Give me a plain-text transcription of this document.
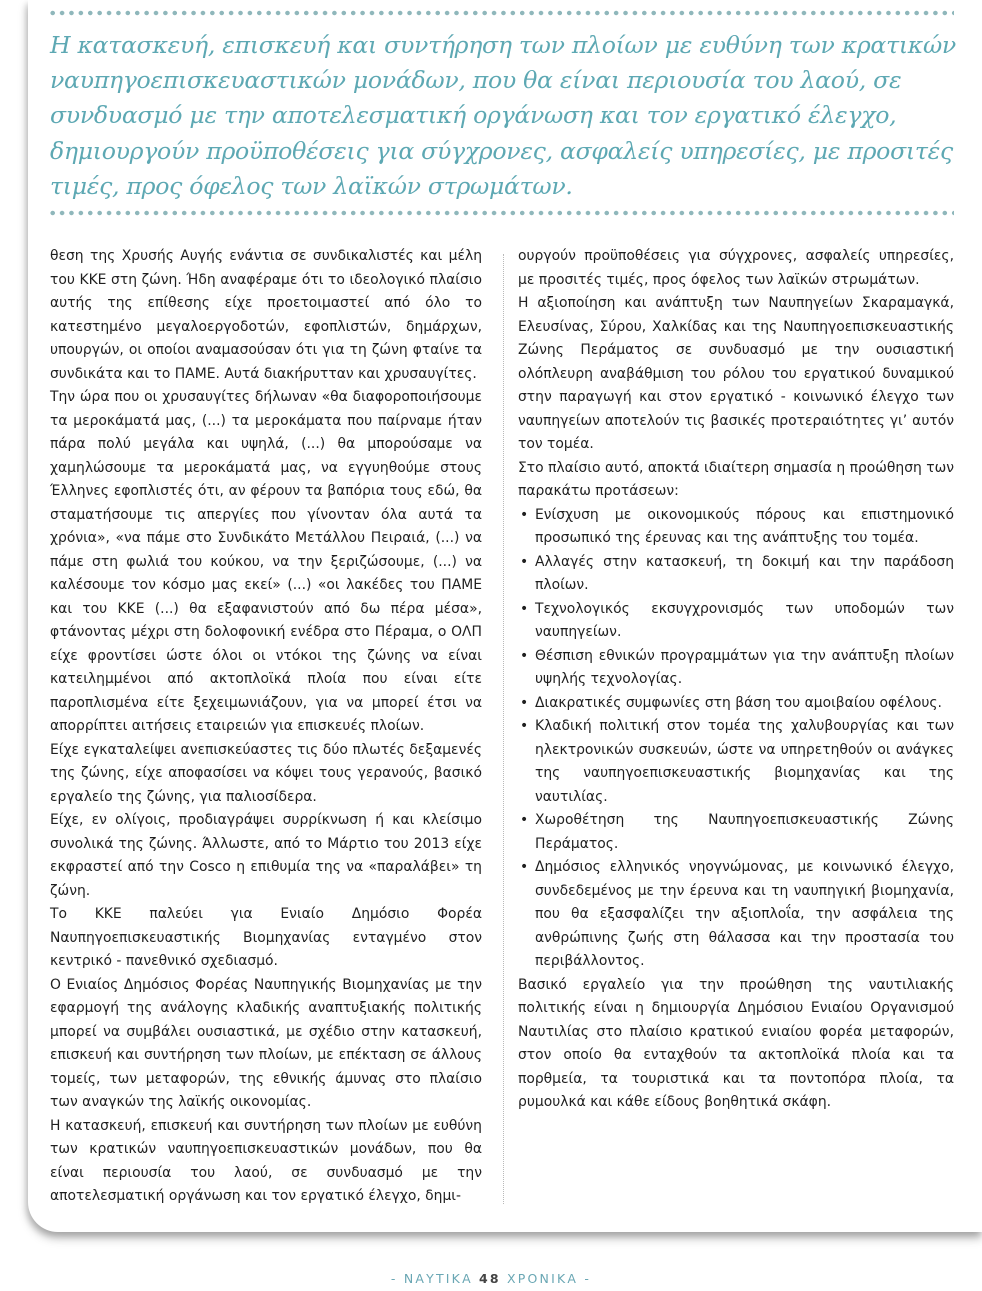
Η κατασκευή, επισκευή και συντήρηση των πλοίων με ευθύνη των κρατικών ναυπηγοεπισκευαστικών μονάδων, που θα είναι περιουσία του λαού, σε συνδυασμό με την αποτελεσματική οργάνωση και τον εργατικό έλεγχο, δημιουργούν προϋποθέσεις για σύγχρονες, ασφαλείς υπηρεσίες, με προσιτές τιμές, προς όφελος των λαϊκών στρωμάτων.

θεση της Χρυσής Αυγής ενάντια σε συνδικαλιστές και μέλη του ΚΚΕ στη ζώνη. Ήδη αναφέραμε ότι το ιδεολογικό πλαίσιο αυτής της επίθεσης είχε προετοιμαστεί από όλο το κατεστημένο μεγαλοεργοδοτών, εφοπλιστών, δημάρχων, υπουργών, οι οποίοι αναμασούσαν ότι για τη ζώνη φταίνε τα συνδικάτα και το ΠΑΜΕ. Αυτά διακήρυτταν και χρυσαυγίτες.

Την ώρα που οι χρυσαυγίτες δήλωναν «θα διαφοροποιήσουμε τα μεροκάματά μας, (...) τα μεροκάματα που παίρναμε ήταν πάρα πολύ μεγάλα και υψηλά, (...) θα μπορούσαμε να χαμηλώσουμε τα μεροκάματά μας, να εγγυηθούμε στους Έλληνες εφοπλιστές ότι, αν φέρουν τα βαπόρια τους εδώ, θα σταματήσουμε τις απεργίες που γίνονταν όλα αυτά τα χρόνια», «να πάμε στο Συνδικάτο Μετάλλου Πειραιά, (...) να πάμε στη φωλιά του κούκου, να την ξεριζώσουμε, (...) να καλέσουμε τον κόσμο μας εκεί» (...) «οι λακέδες του ΠΑΜΕ και του ΚΚΕ (...) θα εξαφανιστούν από δω πέρα μέσα», φτάνοντας μέχρι στη δολοφονική ενέδρα στο Πέραμα, ο ΟΛΠ είχε φροντίσει ώστε όλοι οι ντόκοι της ζώνης να είναι κατειλημμένοι από ακτοπλοϊκά πλοία που είναι είτε παροπλισμένα είτε ξεχειμωνιάζουν, για να μπορεί έτσι να απορρίπτει αιτήσεις εταιρειών για επισκευές πλοίων.

Είχε εγκαταλείψει ανεπισκεύαστες τις δύο πλωτές δεξαμενές της ζώνης, είχε αποφασίσει να κόψει τους γερανούς, βασικό εργαλείο της ζώνης, για παλιοσίδερα.

Είχε, εν ολίγοις, προδιαγράψει συρρίκνωση ή και κλείσιμο συνολικά της ζώνης. Άλλωστε, από το Μάρτιο του 2013 είχε εκφραστεί από την Cosco η επιθυμία της να «παραλάβει» τη ζώνη.

Το ΚΚΕ παλεύει για Ενιαίο Δημόσιο Φορέα Ναυπηγοεπισκευαστικής Βιομηχανίας ενταγμένο στον κεντρικό - πανεθνικό σχεδιασμό.

Ο Ενιαίος Δημόσιος Φορέας Ναυπηγικής Βιομηχανίας με την εφαρμογή της ανάλογης κλαδικής αναπτυξιακής πολιτικής μπορεί να συμβάλει ουσιαστικά, με σχέδιο στην κατασκευή, επισκευή και συντήρηση των πλοίων, με επέκταση σε άλλους τομείς, των μεταφορών, της εθνικής άμυνας στο πλαίσιο των αναγκών της λαϊκής οικονομίας.

Η κατασκευή, επισκευή και συντήρηση των πλοίων με ευθύνη των κρατικών ναυπηγοεπισκευαστικών μονάδων, που θα είναι περιουσία του λαού, σε συνδυασμό με την αποτελεσματική οργάνωση και τον εργατικό έλεγχο, δημι-

ουργούν προϋποθέσεις για σύγχρονες, ασφαλείς υπηρεσίες, με προσιτές τιμές, προς όφελος των λαϊκών στρωμάτων.

Η αξιοποίηση και ανάπτυξη των Ναυπηγείων Σκαραμαγκά, Ελευσίνας, Σύρου, Χαλκίδας και της Ναυπηγοεπισκευαστικής Ζώνης Περάματος σε συνδυασμό με την ουσιαστική ολόπλευρη αναβάθμιση του ρόλου του εργατικού δυναμικού στην παραγωγή και στον εργατικό - κοινωνικό έλεγχο των ναυπηγείων αποτελούν τις βασικές προτεραιότητες γι’ αυτόν τον τομέα.

Στο πλαίσιο αυτό, αποκτά ιδιαίτερη σημασία η προώθηση των παρακάτω προτάσεων:

• Ενίσχυση με οικονομικούς πόρους και επιστημονικό προσωπικό της έρευνας και της ανάπτυξης του τομέα.
• Αλλαγές στην κατασκευή, τη δοκιμή και την παράδοση πλοίων.
• Τεχνολογικός εκσυγχρονισμός των υποδομών των ναυπηγείων.
• Θέσπιση εθνικών προγραμμάτων για την ανάπτυξη πλοίων υψηλής τεχνολογίας.
• Διακρατικές συμφωνίες στη βάση του αμοιβαίου οφέλους.
• Κλαδική πολιτική στον τομέα της χαλυβουργίας και των ηλεκτρονικών συσκευών, ώστε να υπηρετηθούν οι ανάγκες της ναυπηγοεπισκευαστικής βιομηχανίας και της ναυτιλίας.
• Χωροθέτηση της Ναυπηγοεπισκευαστικής Ζώνης Περάματος.
• Δημόσιος ελληνικός νηογνώμονας, με κοινωνικό έλεγχο, συνδεδεμένος με την έρευνα και τη ναυπηγική βιομηχανία, που θα εξασφαλίζει την αξιοπλοΐα, την ασφάλεια της ανθρώπινης ζωής στη θάλασσα και την προστασία του περιβάλλοντος.

Βασικό εργαλείο για την προώθηση της ναυτιλιακής πολιτικής είναι η δημιουργία Δημόσιου Ενιαίου Οργανισμού Ναυτιλίας στο πλαίσιο κρατικού ενιαίου φορέα μεταφορών, στον οποίο θα ενταχθούν τα ακτοπλοϊκά πλοία και τα πορθμεία, τα τουριστικά και τα ποντοπόρα πλοία, τα ρυμουλκά και κάθε είδους βοηθητικά σκάφη.

- ΝΑΥΤΙΚΑ 48 ΧΡΟΝΙΚΑ -
